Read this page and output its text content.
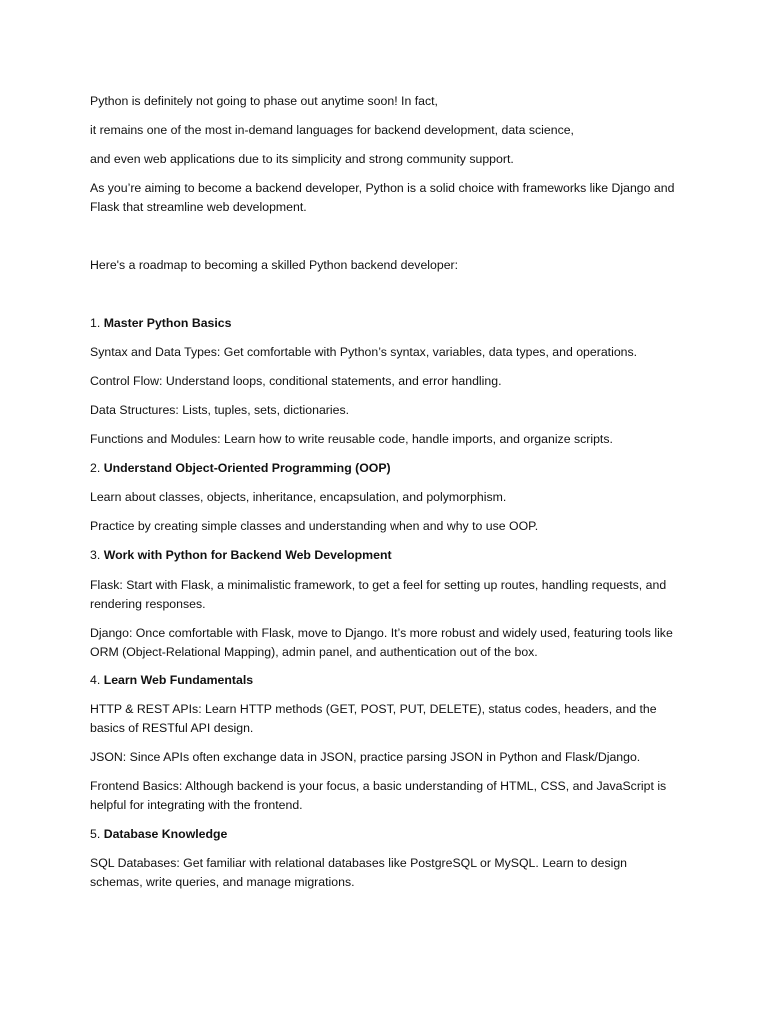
Python is definitely not going to phase out anytime soon! In fact,

it remains one of the most in-demand languages for backend development, data science,

and even web applications due to its simplicity and strong community support.

As you’re aiming to become a backend developer, Python is a solid choice with frameworks like Django and Flask that streamline web development.

Here's a roadmap to becoming a skilled Python backend developer:

1. Master Python Basics

Syntax and Data Types: Get comfortable with Python’s syntax, variables, data types, and operations.

Control Flow: Understand loops, conditional statements, and error handling.

Data Structures: Lists, tuples, sets, dictionaries.

Functions and Modules: Learn how to write reusable code, handle imports, and organize scripts.

2. Understand Object-Oriented Programming (OOP)

Learn about classes, objects, inheritance, encapsulation, and polymorphism.

Practice by creating simple classes and understanding when and why to use OOP.

3. Work with Python for Backend Web Development

Flask: Start with Flask, a minimalistic framework, to get a feel for setting up routes, handling requests, and rendering responses.

Django: Once comfortable with Flask, move to Django. It’s more robust and widely used, featuring tools like ORM (Object-Relational Mapping), admin panel, and authentication out of the box.

4. Learn Web Fundamentals

HTTP & REST APIs: Learn HTTP methods (GET, POST, PUT, DELETE), status codes, headers, and the basics of RESTful API design.

JSON: Since APIs often exchange data in JSON, practice parsing JSON in Python and Flask/Django.

Frontend Basics: Although backend is your focus, a basic understanding of HTML, CSS, and JavaScript is helpful for integrating with the frontend.

5. Database Knowledge

SQL Databases: Get familiar with relational databases like PostgreSQL or MySQL. Learn to design schemas, write queries, and manage migrations.
